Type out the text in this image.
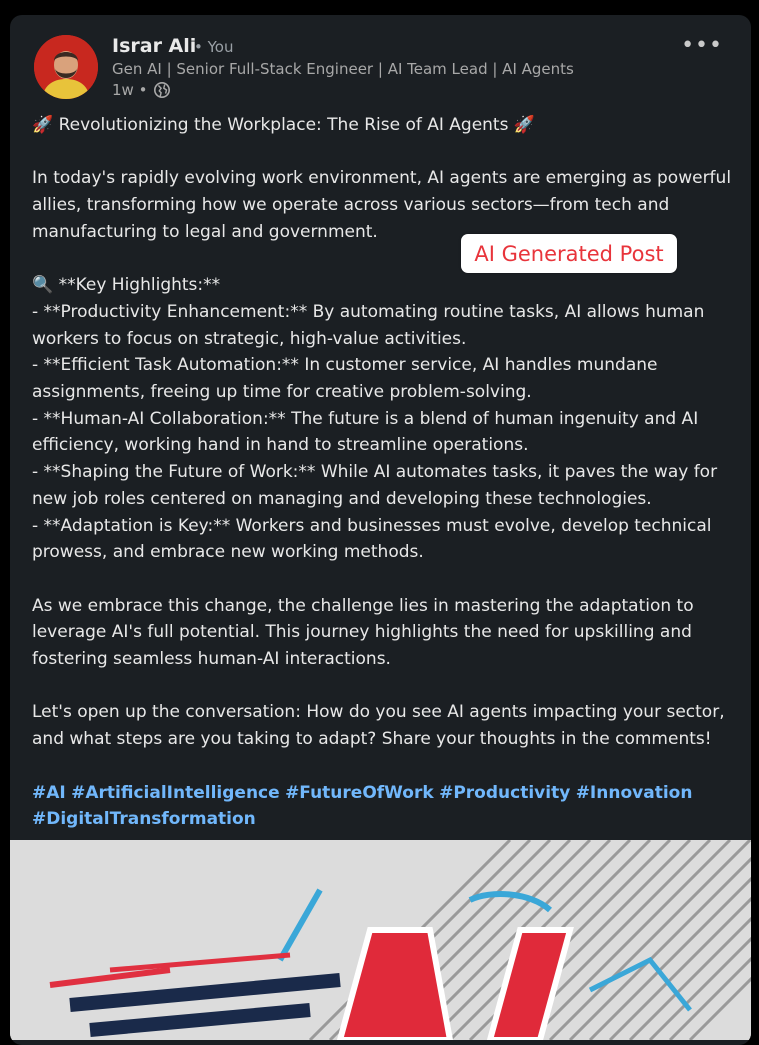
Israr Ali
• You
Gen AI | Senior Full-Stack Engineer | AI Team Lead | AI Agents
1w •
•••

🚀 Revolutionizing the Workplace: The Rise of AI Agents 🚀

In today's rapidly evolving work environment, AI agents are emerging as powerful allies, transforming how we operate across various sectors—from tech and manufacturing to legal and government.

🔍 **Key Highlights:**

- **Productivity Enhancement:** By automating routine tasks, AI allows human workers to focus on strategic, high-value activities.

- **Efficient Task Automation:** In customer service, AI handles mundane assignments, freeing up time for creative problem-solving.

- **Human-AI Collaboration:** The future is a blend of human ingenuity and AI efficiency, working hand in hand to streamline operations.

- **Shaping the Future of Work:** While AI automates tasks, it paves the way for new job roles centered on managing and developing these technologies.

- **Adaptation is Key:** Workers and businesses must evolve, develop technical prowess, and embrace new working methods.

As we embrace this change, the challenge lies in mastering the adaptation to leverage AI's full potential. This journey highlights the need for upskilling and fostering seamless human-AI interactions.

Let's open up the conversation: How do you see AI agents impacting your sector, and what steps are you taking to adapt? Share your thoughts in the comments!

#AI #ArtificialIntelligence #FutureOfWork #Productivity #Innovation #DigitalTransformation

AI Generated Post
